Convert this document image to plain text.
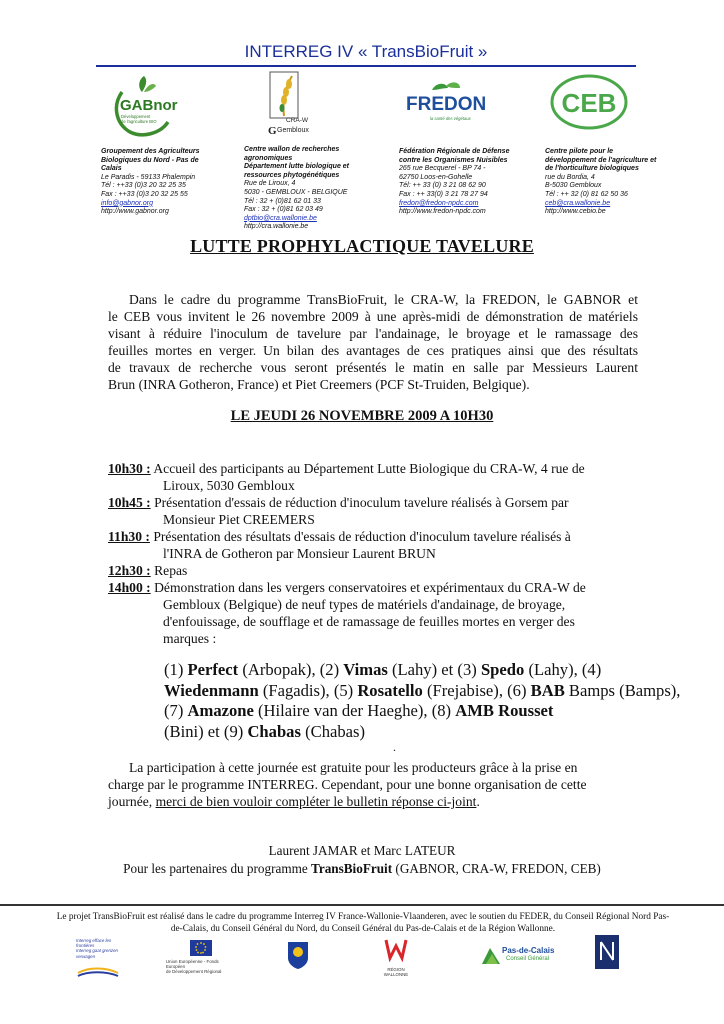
INTERREG IV « TransBioFruit »
GABnor
Développement
de l'agriculture BIO	CRA-W
G Gembloux
FREDON
la santé des végétaux
CEB
Groupement des Agriculteurs
Biologiques du Nord - Pas de
Calais
Le Paradis - 59133 Phalempin
Tél : ++33 (0)3 20 32 25 35
Fax : ++33 (0)3 20 32 25 55
info@gabnor.org
http://www.gabnor.org
Centre wallon de recherches
agronomiques
Département lutte biologique et
ressources phytogénétiques
Rue de Liroux, 4
5030 - GEMBLOUX - BELGIQUE
Tél : 32 + (0)81 62 01 33
Fax : 32 + (0)81 62 03 49
dptbio@cra.wallonie.be
http://cra.wallonie.be
Fédération Régionale de Défense
contre les Organismes Nuisibles
265 rue Becquerel - BP 74 -
62750 Loos-en-Gohelle
Tél: ++ 33 (0) 3 21 08 62 90
Fax : ++ 33(0) 3 21 78 27 94
fredon@fredon-npdc.com
http://www.fredon-npdc.com
Centre pilote pour le
développement de l'agriculture et
de l'horticulture biologiques
rue du Bordia, 4
B-5030 Gembloux
Tél : ++ 32 (0) 81 62 50 36
ceb@cra.wallonie.be
http://www.cebio.be
LUTTE PROPHYLACTIQUE TAVELURE
Dans le cadre du programme TransBioFruit, le CRA-W, la FREDON, le GABNOR et
le CEB vous invitent le 26 novembre 2009 à une après-midi de démonstration de matériels
visant à réduire l'inoculum de tavelure par l'andainage, le broyage et le ramassage des
feuilles mortes en verger. Un bilan des avantages de ces pratiques ainsi que des résultats
de travaux de recherche vous seront présentés le matin en salle par Messieurs Laurent
Brun (INRA Gotheron, France) et Piet Creemers (PCF St-Truiden, Belgique).
LE JEUDI 26 NOVEMBRE 2009 A 10H30
10h30 : Accueil des participants au Département Lutte Biologique du CRA-W, 4 rue de
Liroux, 5030 Gembloux
10h45 : Présentation d'essais de réduction d'inoculum tavelure réalisés à Gorsem par
Monsieur Piet CREEMERS
11h30 : Présentation des résultats d'essais de réduction d'inoculum tavelure réalisés à
l'INRA de Gotheron par Monsieur Laurent BRUN
12h30 : Repas
14h00 : Démonstration dans les vergers conservatoires et expérimentaux du CRA-W de
Gembloux (Belgique) de neuf types de matériels d'andainage, de broyage,
d'enfouissage, de soufflage et de ramassage de feuilles mortes en verger des
marques :
(1) Perfect (Arbopak), (2) Vimas (Lahy) et (3) Spedo (Lahy), (4)
Wiedenmann (Fagadis), (5) Rosatello (Frejabise), (6) BAB Bamps (Bamps),
(7) Amazone (Hilaire van der Haeghe), (8) AMB Rousset
(Bini) et (9) Chabas (Chabas)
.
La participation à cette journée est gratuite pour les producteurs grâce à la prise en
charge par le programme INTERREG. Cependant, pour une bonne organisation de cette
journée, merci de bien vouloir compléter le bulletin réponse ci-joint.
Laurent JAMAR et Marc LATEUR
Pour les partenaires du programme TransBioFruit (GABNOR, CRA-W, FREDON, CEB)
Le projet TransBioFruit est réalisé dans le cadre du programme Interreg IV France-Wallonie-Vlaanderen, avec le soutien du FEDER, du Conseil Régional Nord Pas-
de-Calais, du Conseil Général du Nord, du Conseil Général du Pas-de-Calais et de la Région Wallonne.
Interreg efface les frontières
Interreg gaat grenzen verwagen
Union Européenne - Fonds Européen
de Développement Régional	RÉGION WALLONNE
Pas-de-Calais
Conseil Général
